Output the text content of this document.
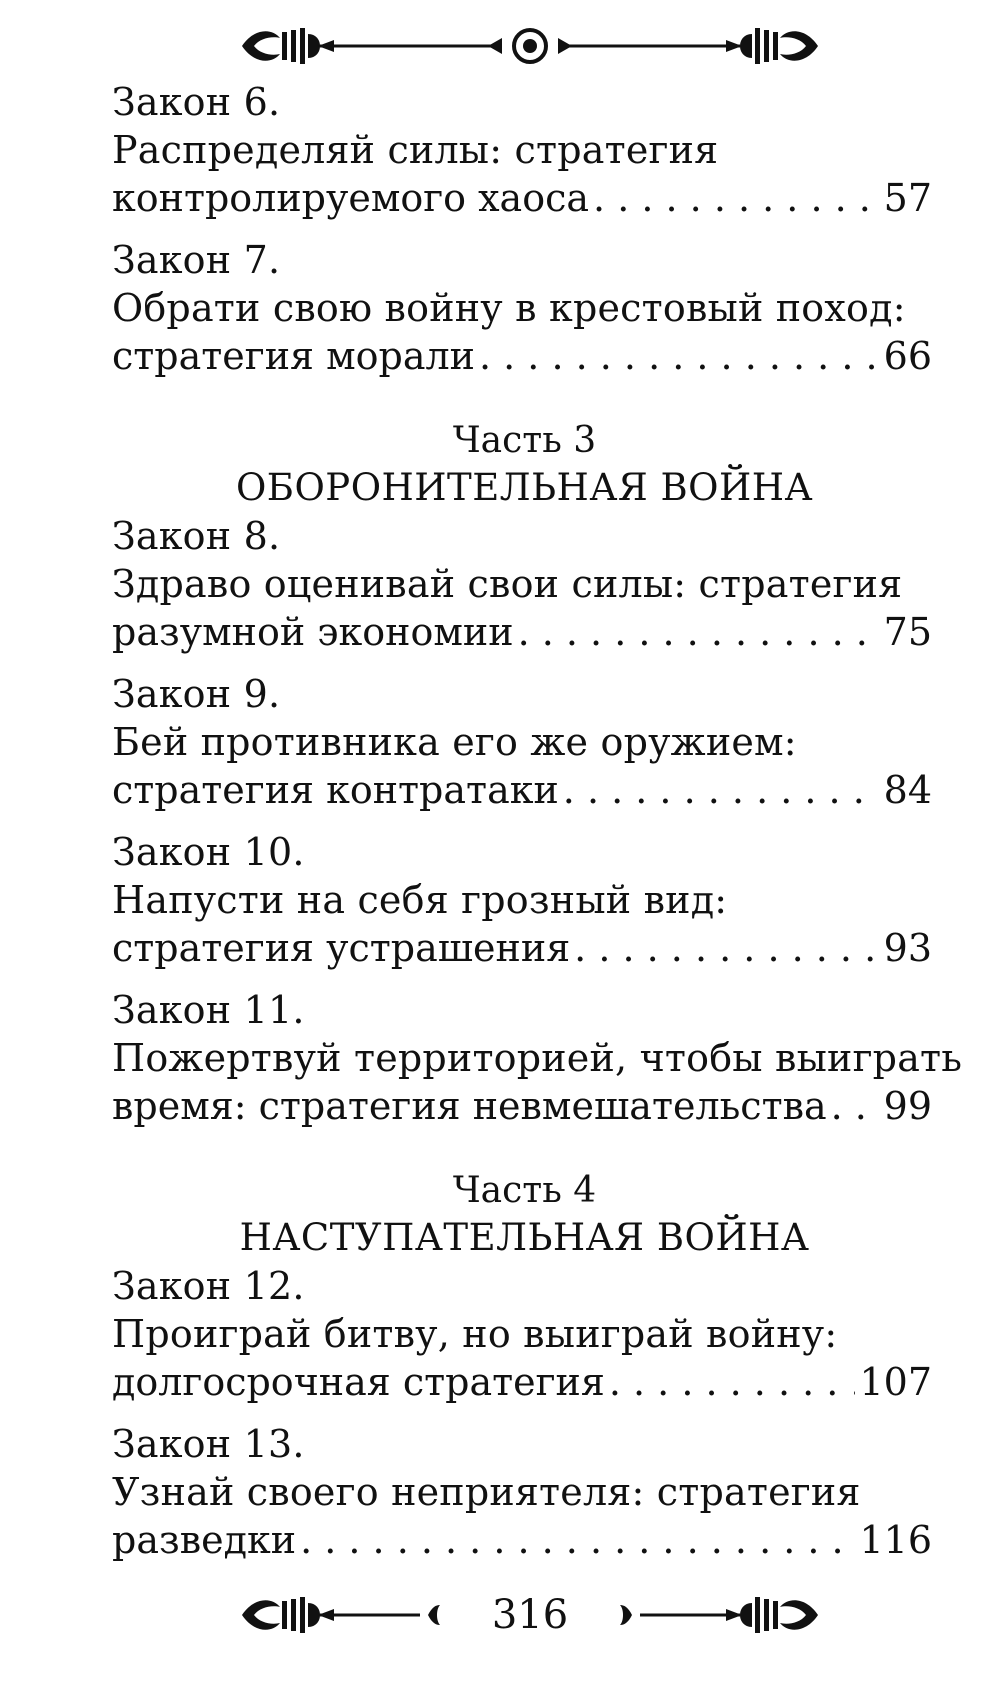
Закон 6.
Распределяй силы: стратегия
контролируемого хаоса . . .	57
Закон 7.
Обрати свою войну в крестовый поход:
стратегия морали . . .	66
Часть 3
ОБОРОНИТЕЛЬНАЯ ВОЙНА
Закон 8.
Здраво оценивай свои силы: стратегия
разумной экономии . . .	75
Закон 9.
Бей противника его же оружием:
стратегия контратаки . . .	84
Закон 10.
Напусти на себя грозный вид:
стратегия устрашения . . .	93
Закон 11.
Пожертвуй территорией, чтобы выиграть
время: стратегия невмешательства . . . 99
Часть 4
НАСТУПАТЕЛЬНАЯ ВОЙНА
Закон 12.
Проиграй битву, но выиграй войну:
долгосрочная стратегия . . .	107
Закон 13.
Узнай своего неприятеля: стратегия
разведки . . .	116
316
